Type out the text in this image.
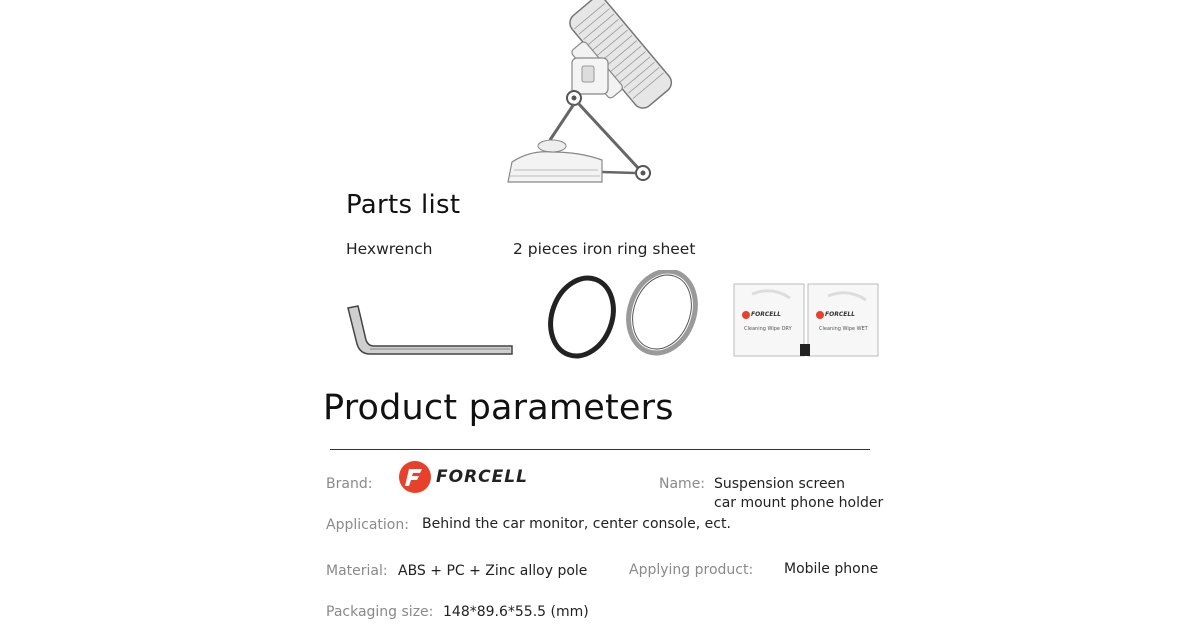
Parts list
Hexwrench	2 pieces iron ring sheet
FORCELL	FORCELL
Cleaning Wipe DRY	Cleaning Wipe WET
Product parameters
Brand:	FORCELL	Name: Suspension screen
car mount phone holder
Application: Behind the car monitor, center console, ect.
Material: ABS + PC + Zinc alloy pole	Applying product: Mobile phone
Packaging size: 148*89.6*55.5 (mm)
